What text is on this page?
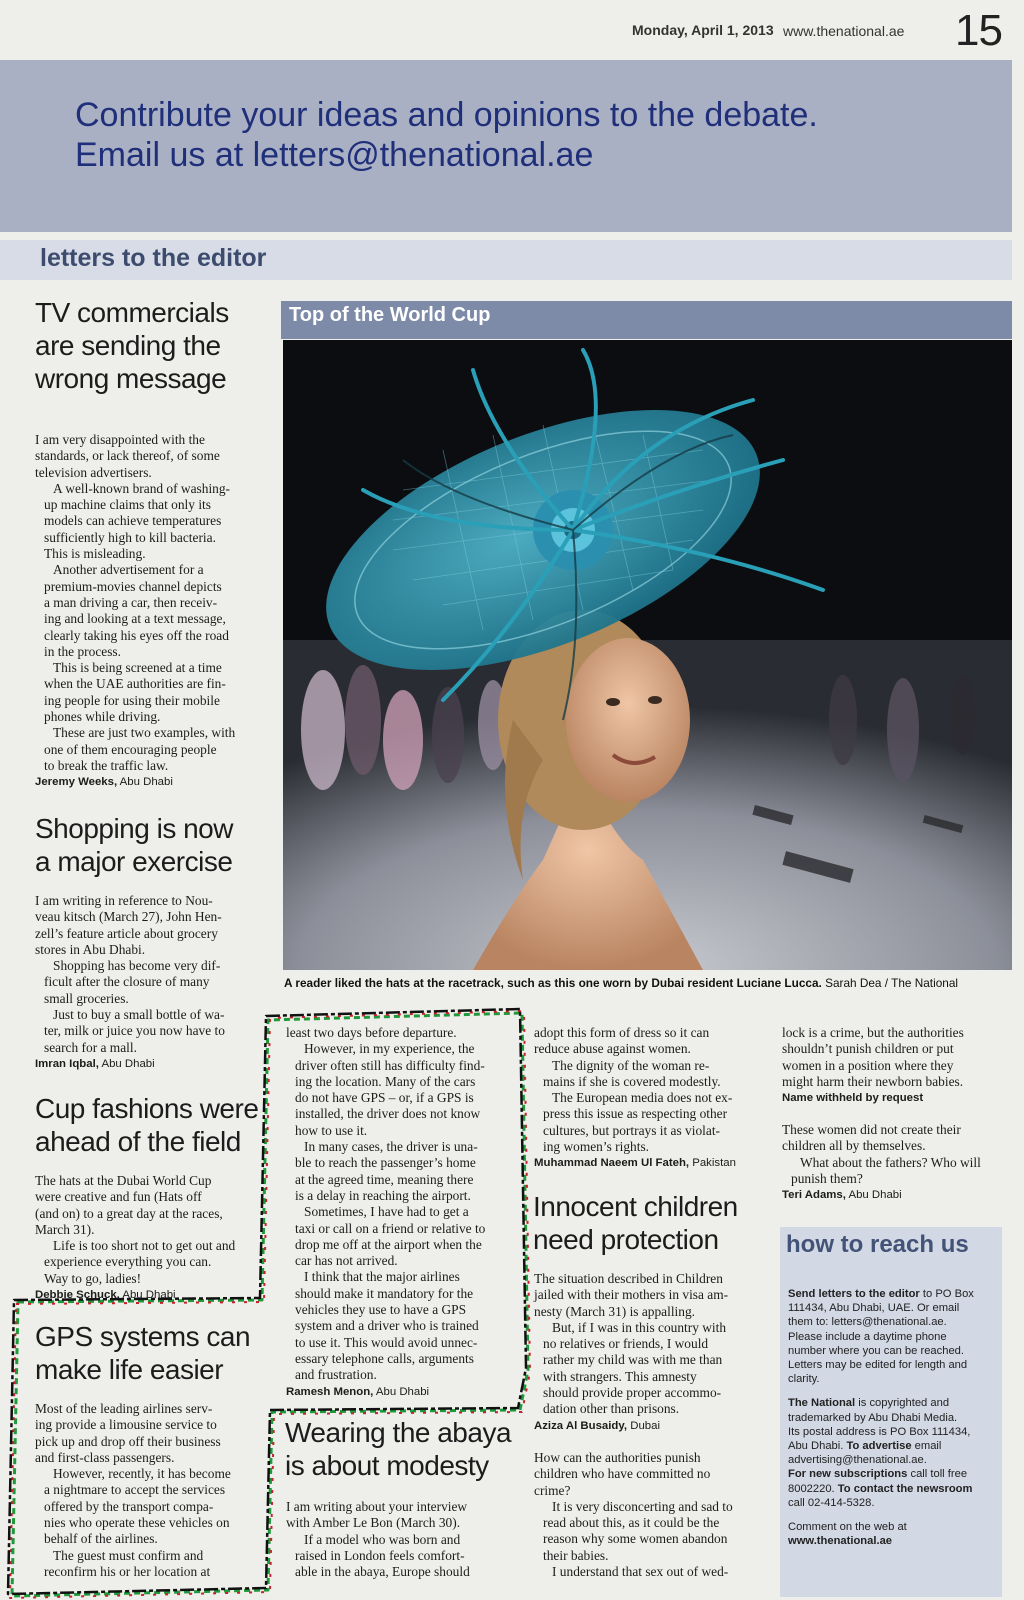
Monday, April 1, 2013 www.thenational.ae 15
Contribute your ideas and opinions to the debate.
Email us at letters@thenational.ae
letters to the editor
TV commercials
are sending the
wrong message
I am very disappointed with the
standards, or lack thereof, of some
television advertisers.
A well-known brand of washing-
up machine claims that only its
models can achieve temperatures
sufficiently high to kill bacteria.
This is misleading.
Another advertisement for a
premium-movies channel depicts
a man driving a car, then receiv-
ing and looking at a text message,
clearly taking his eyes off the road
in the process.
This is being screened at a time
when the UAE authorities are fin-
ing people for using their mobile
phones while driving.
These are just two examples, with
one of them encouraging people
to break the traffic law.
Jeremy Weeks, Abu Dhabi
Shopping is now
a major exercise
I am writing in reference to Nou-
veau kitsch (March 27), John Hen-
zell’s feature article about grocery
stores in Abu Dhabi.
Shopping has become very dif-
ficult after the closure of many
small groceries.
Just to buy a small bottle of wa-
ter, milk or juice you now have to
search for a mall.
Imran Iqbal, Abu Dhabi
Cup fashions were
ahead of the field
The hats at the Dubai World Cup
were creative and fun (Hats off
(and on) to a great day at the races,
March 31).
Life is too short not to get out and
experience everything you can.
Way to go, ladies!
Debbie Schuck, Abu Dhabi
GPS systems can
make life easier
Most of the leading airlines serv-
ing provide a limousine service to
pick up and drop off their business
and first-class passengers.
However, recently, it has become
a nightmare to accept the services
offered by the transport compa-
nies who operate these vehicles on
behalf of the airlines.
The guest must confirm and
reconfirm his or her location at
Top of the World Cup
A reader liked the hats at the racetrack, such as this one worn by Dubai resident Luciane Lucca. Sarah Dea / The National
least two days before departure.
However, in my experience, the
driver often still has difficulty find-
ing the location. Many of the cars
do not have GPS – or, if a GPS is
installed, the driver does not know
how to use it.
In many cases, the driver is una-
ble to reach the passenger’s home
at the agreed time, meaning there
is a delay in reaching the airport.
Sometimes, I have had to get a
taxi or call on a friend or relative to
drop me off at the airport when the
car has not arrived.
I think that the major airlines
should make it mandatory for the
vehicles they use to have a GPS
system and a driver who is trained
to use it. This would avoid unnec-
essary telephone calls, arguments
and frustration.
Ramesh Menon, Abu Dhabi
Wearing the abaya
is about modesty
I am writing about your interview
with Amber Le Bon (March 30).
If a model who was born and
raised in London feels comfort-
able in the abaya, Europe should
adopt this form of dress so it can
reduce abuse against women.
The dignity of the woman re-
mains if she is covered modestly.
The European media does not ex-
press this issue as respecting other
cultures, but portrays it as violat-
ing women’s rights.
Muhammad Naeem Ul Fateh, Pakistan
Innocent children
need protection
The situation described in Children
jailed with their mothers in visa am-
nesty (March 31) is appalling.
But, if I was in this country with
no relatives or friends, I would
rather my child was with me than
with strangers. This amnesty
should provide proper accommo-
dation other than prisons.
Aziza Al Busaidy, Dubai
How can the authorities punish
children who have committed no
crime?
It is very disconcerting and sad to
read about this, as it could be the
reason why some women abandon
their babies.
I understand that sex out of wed-
lock is a crime, but the authorities
shouldn’t punish children or put
women in a position where they
might harm their newborn babies.
Name withheld by request
These women did not create their
children all by themselves.
What about the fathers? Who will
punish them?
Teri Adams, Abu Dhabi
how to reach us

Send letters to the editor to PO Box
111434, Abu Dhabi, UAE. Or email
them to: letters@thenational.ae.
Please include a daytime phone
number where you can be reached.
Letters may be edited for length and
clarity.

The National is copyrighted and
trademarked by Abu Dhabi Media.
Its postal address is PO Box 111434,
Abu Dhabi. To advertise email
advertising@thenational.ae.
For new subscriptions call toll free
8002220. To contact the newsroom
call 02-414-5328.

Comment on the web at
www.thenational.ae
